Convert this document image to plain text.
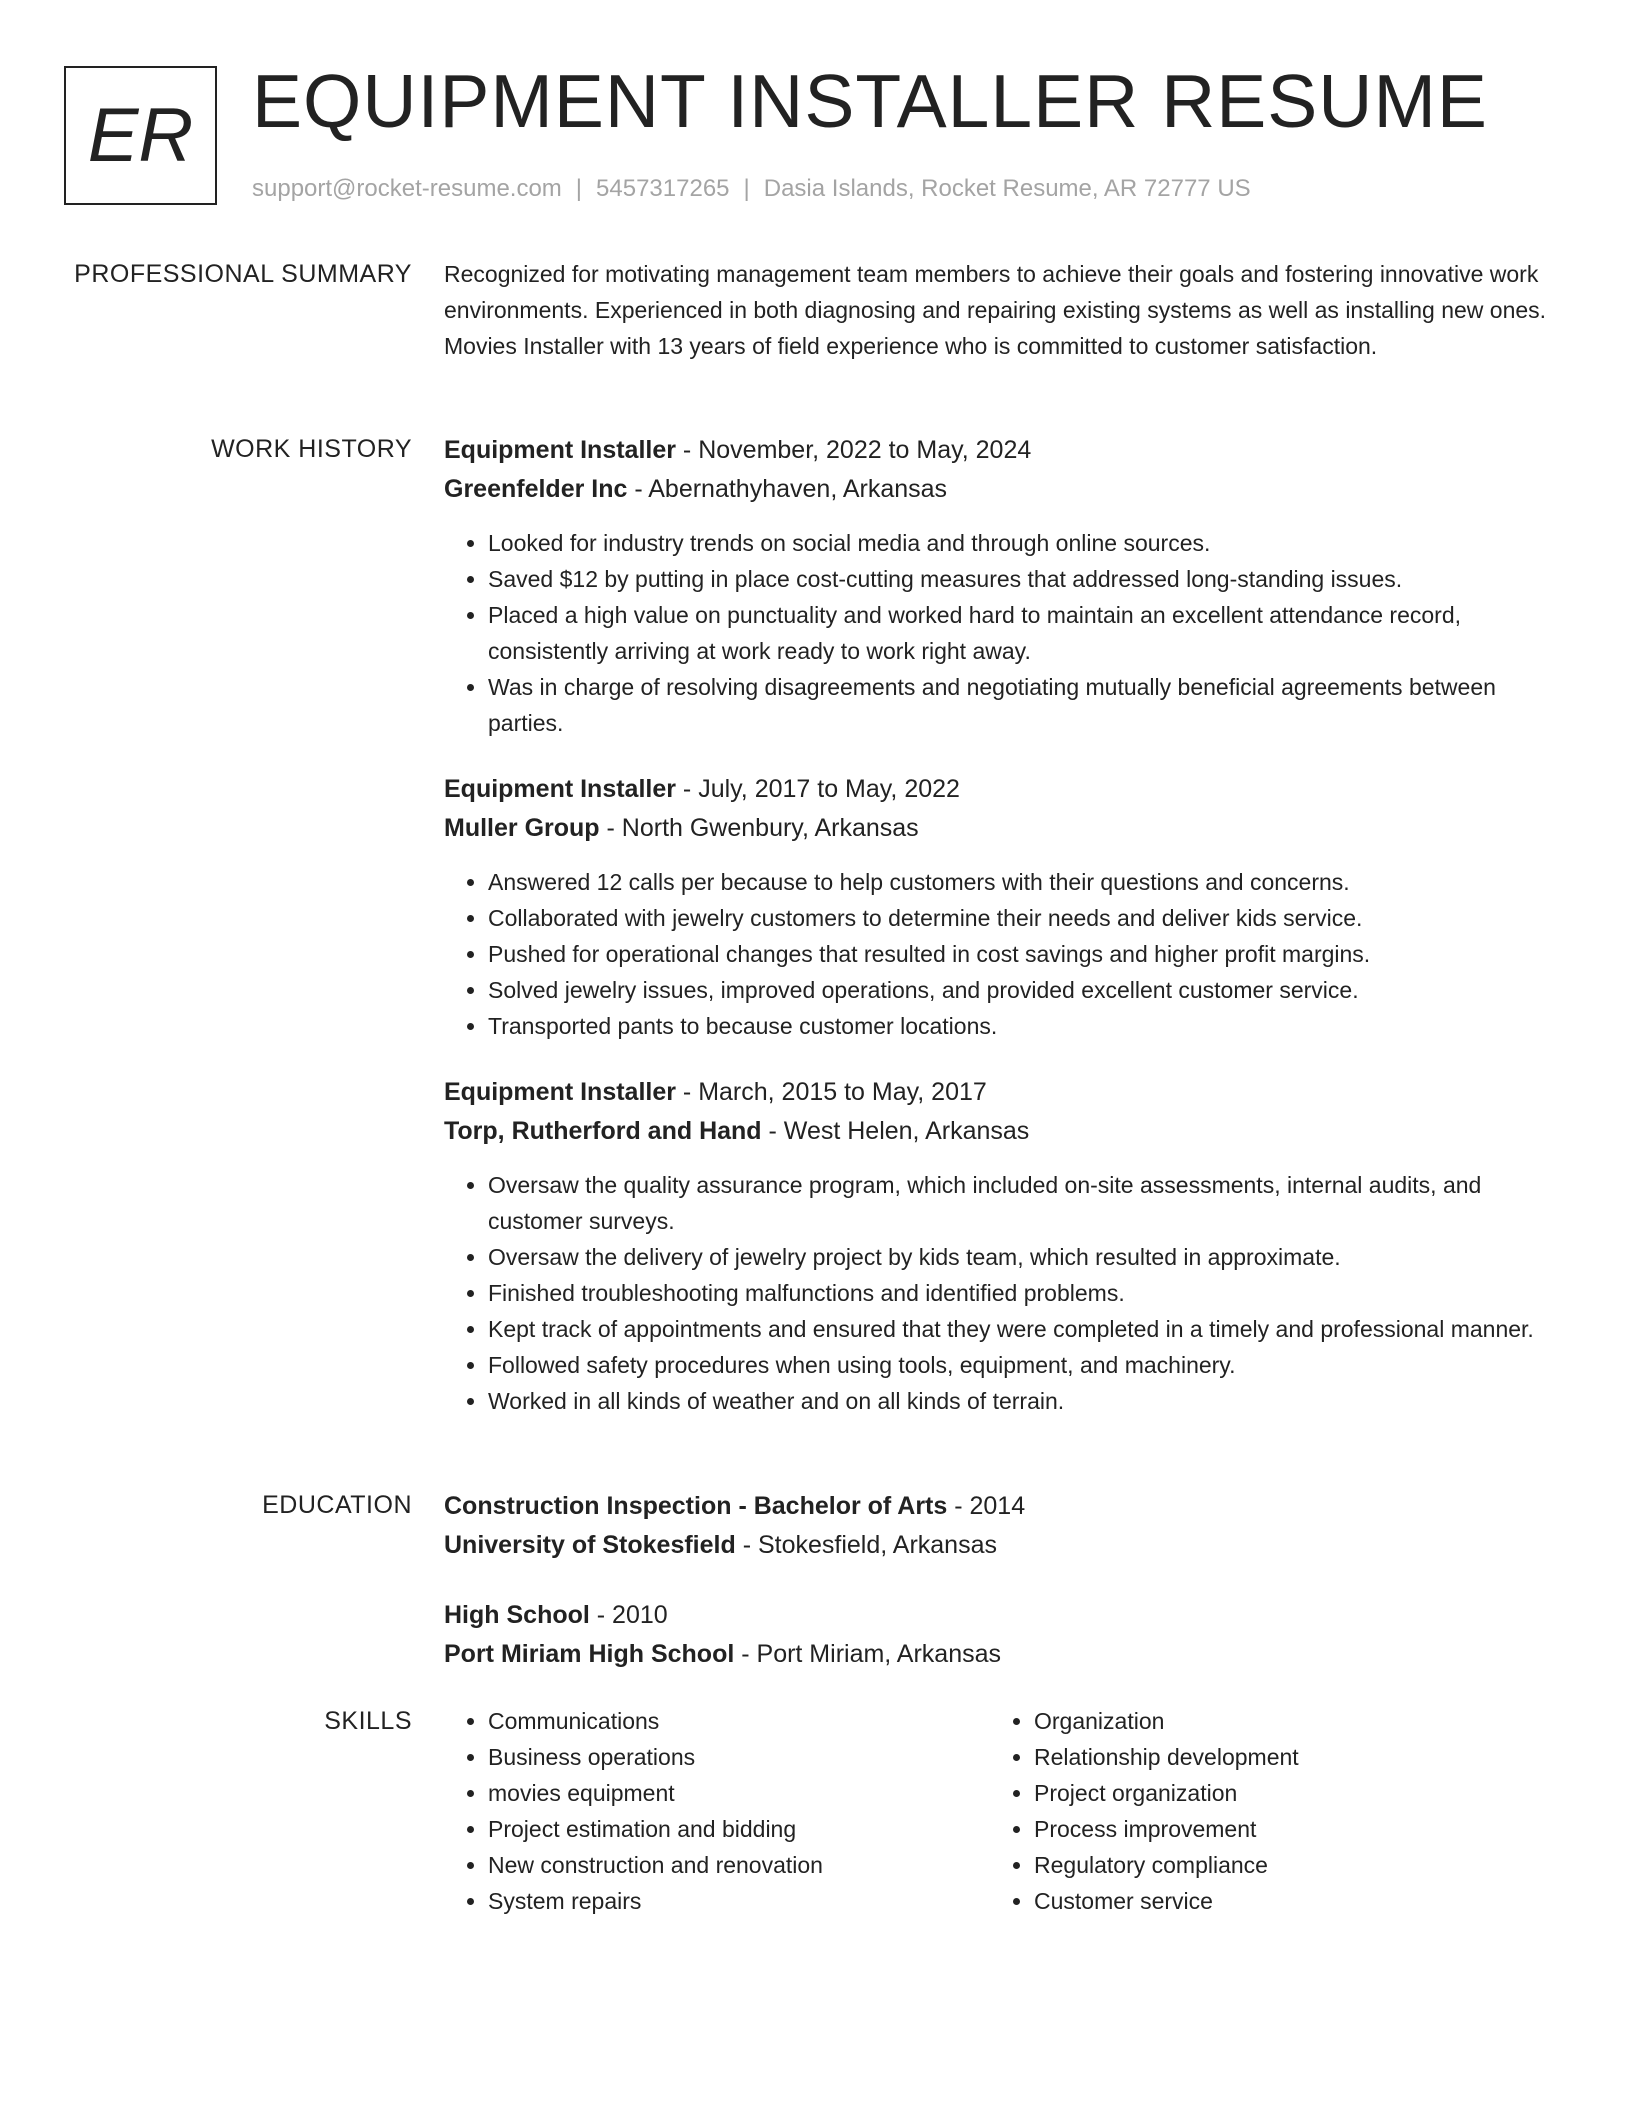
ER EQUIPMENT INSTALLER RESUME
support@rocket-resume.com | 5457317265 | Dasia Islands, Rocket Resume, AR 72777 US
PROFESSIONAL SUMMARY Recognized for motivating management team members to achieve their goals and fostering innovative work environments. Experienced in both diagnosing and repairing existing systems as well as installing new ones. Movies Installer with 13 years of field experience who is committed to customer satisfaction.

WORK HISTORY Equipment Installer - November, 2022 to May, 2024
Greenfelder Inc - Abernathyhaven, Arkansas
• Looked for industry trends on social media and through online sources.
• Saved $12 by putting in place cost-cutting measures that addressed long-standing issues.
• Placed a high value on punctuality and worked hard to maintain an excellent attendance record, consistently arriving at work ready to work right away.
• Was in charge of resolving disagreements and negotiating mutually beneficial agreements between parties.
Equipment Installer - July, 2017 to May, 2022
Muller Group - North Gwenbury, Arkansas
• Answered 12 calls per because to help customers with their questions and concerns.
• Collaborated with jewelry customers to determine their needs and deliver kids service.
• Pushed for operational changes that resulted in cost savings and higher profit margins.
• Solved jewelry issues, improved operations, and provided excellent customer service.
• Transported pants to because customer locations.
Equipment Installer - March, 2015 to May, 2017
Torp, Rutherford and Hand - West Helen, Arkansas
• Oversaw the quality assurance program, which included on-site assessments, internal audits, and customer surveys.
• Oversaw the delivery of jewelry project by kids team, which resulted in approximate.
• Finished troubleshooting malfunctions and identified problems.
• Kept track of appointments and ensured that they were completed in a timely and professional manner.
• Followed safety procedures when using tools, equipment, and machinery.
• Worked in all kinds of weather and on all kinds of terrain.
EDUCATION Construction Inspection - Bachelor of Arts - 2014
University of Stokesfield - Stokesfield, Arkansas
High School - 2010
Port Miriam High School - Port Miriam, Arkansas
SKILLS
•	Communications
• Business operations
• movies equipment
• Project estimation and bidding
• New construction and renovation
• System repairs
• Organization
• Relationship development
• Project organization
• Process improvement
• Regulatory compliance
• Customer service
